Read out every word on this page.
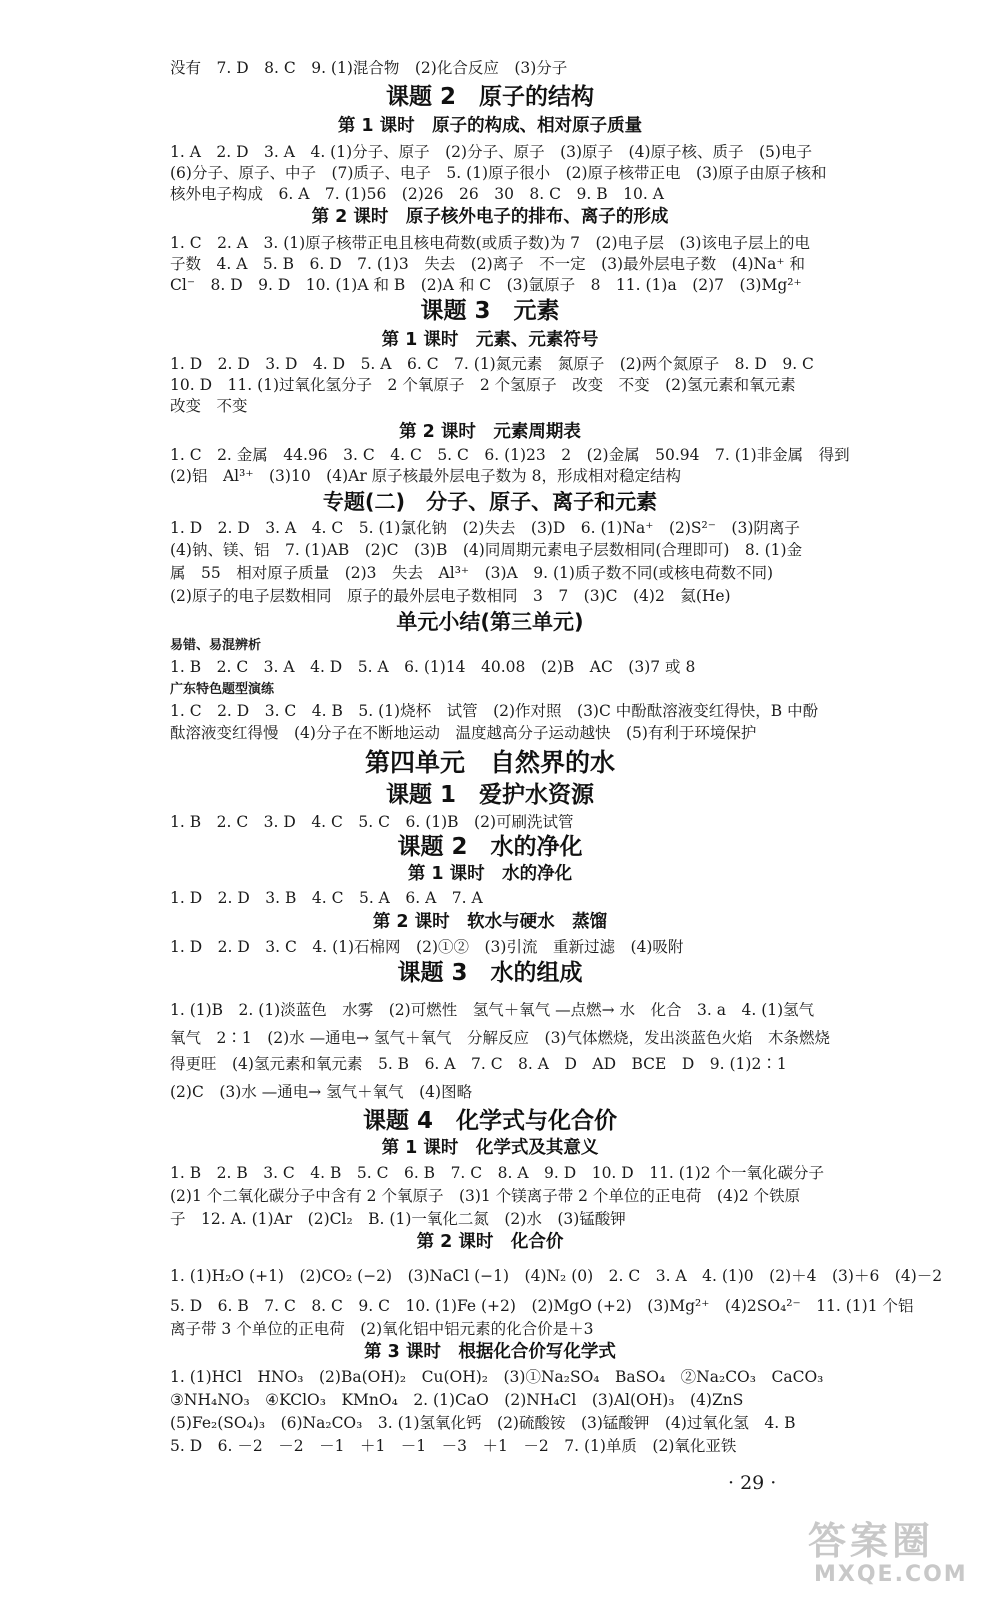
没有　7. D　8. C　9. (1)混合物　(2)化合反应　(3)分子
课题 2　原子的结构
第 1 课时　原子的构成、相对原子质量
1. A　2. D　3. A　4. (1)分子、原子　(2)分子、原子　(3)原子　(4)原子核、质子　(5)电子
(6)分子、原子、中子　(7)质子、电子　5. (1)原子很小　(2)原子核带正电　(3)原子由原子核和
核外电子构成　6. A　7. (1)56　(2)26　26　30　8. C　9. B　10. A
第 2 课时　原子核外电子的排布、离子的形成
1. C　2. A　3. (1)原子核带正电且核电荷数(或质子数)为 7　(2)电子层　(3)该电子层上的电
子数　4. A　5. B　6. D　7. (1)3　失去　(2)离子　不一定　(3)最外层电子数　(4)Na⁺ 和
Cl⁻　8. D　9. D　10. (1)A 和 B　(2)A 和 C　(3)氩原子　8　11. (1)a　(2)7　(3)Mg²⁺
课题 3　元素
第 1 课时　元素、元素符号
1. D　2. D　3. D　4. D　5. A　6. C　7. (1)氮元素　氮原子　(2)两个氮原子　8. D　9. C
10. D　11. (1)过氧化氢分子　2 个氧原子　2 个氢原子　改变　不变　(2)氢元素和氧元素
改变　不变
第 2 课时　元素周期表
1. C　2. 金属　44.96　3. C　4. C　5. C　6. (1)23　2　(2)金属　50.94　7. (1)非金属　得到
(2)铝　Al³⁺　(3)10　(4)Ar 原子核最外层电子数为 8，形成相对稳定结构
专题(二)　分子、原子、离子和元素
1. D　2. D　3. A　4. C　5. (1)氯化钠　(2)失去　(3)D　6. (1)Na⁺　(2)S²⁻　(3)阴离子
(4)钠、镁、铝　7. (1)AB　(2)C　(3)B　(4)同周期元素电子层数相同(合理即可)　8. (1)金
属　55　相对原子质量　(2)3　失去　Al³⁺　(3)A　9. (1)质子数不同(或核电荷数不同)
(2)原子的电子层数相同　原子的最外层电子数相同　3　7　(3)C　(4)2　氦(He)
单元小结(第三单元)
易错、易混辨析
1. B　2. C　3. A　4. D　5. A　6. (1)14　40.08　(2)B　AC　(3)7 或 8
广东特色题型演练
1. C　2. D　3. C　4. B　5. (1)烧杯　试管　(2)作对照　(3)C 中酚酞溶液变红得快，B 中酚
酞溶液变红得慢　(4)分子在不断地运动　温度越高分子运动越快　(5)有利于环境保护
第四单元　自然界的水
课题 1　爱护水资源
1. B　2. C　3. D　4. C　5. C　6. (1)B　(2)可刷洗试管
课题 2　水的净化
第 1 课时　水的净化
1. D　2. D　3. B　4. C　5. A　6. A　7. A
第 2 课时　软水与硬水　蒸馏
1. D　2. D　3. C　4. (1)石棉网　(2)①②　(3)引流　重新过滤　(4)吸附
课题 3　水的组成
1. (1)B　2. (1)淡蓝色　水雾　(2)可燃性　氢气＋氧气 —点燃→ 水　化合　3. a　4. (1)氢气
氧气　2∶1　(2)水 —通电→ 氢气＋氧气　分解反应　(3)气体燃烧，发出淡蓝色火焰　木条燃烧
得更旺　(4)氢元素和氧元素　5. B　6. A　7. C　8. A　D　AD　BCE　D　9. (1)2∶1
(2)C　(3)水 —通电→ 氢气＋氧气　(4)图略
课题 4　化学式与化合价
第 1 课时　化学式及其意义
1. B　2. B　3. C　4. B　5. C　6. B　7. C　8. A　9. D　10. D　11. (1)2 个一氧化碳分子
(2)1 个二氧化碳分子中含有 2 个氧原子　(3)1 个镁离子带 2 个单位的正电荷　(4)2 个铁原
子　12. A. (1)Ar　(2)Cl₂　B. (1)一氧化二氮　(2)水　(3)锰酸钾
第 2 课时　化合价
1. (1)H₂O (+1)　(2)CO₂ (−2)　(3)NaCl (−1)　(4)N₂ (0)　2. C　3. A　4. (1)0　(2)＋4　(3)＋6　(4)－2
5. D　6. B　7. C　8. C　9. C　10. (1)Fe (+2)　(2)MgO (+2)　(3)Mg²⁺　(4)2SO₄²⁻　11. (1)1 个铝
离子带 3 个单位的正电荷　(2)氧化铝中铝元素的化合价是＋3
第 3 课时　根据化合价写化学式
1. (1)HCl　HNO₃　(2)Ba(OH)₂　Cu(OH)₂　(3)①Na₂SO₄　BaSO₄　②Na₂CO₃　CaCO₃
③NH₄NO₃　④KClO₃　KMnO₄　2. (1)CaO　(2)NH₄Cl　(3)Al(OH)₃　(4)ZnS
(5)Fe₂(SO₄)₃　(6)Na₂CO₃　3. (1)氢氧化钙　(2)硫酸铵　(3)锰酸钾　(4)过氧化氢　4. B
5. D　6. －2　－2　－1　＋1　－1　－3　＋1　－2　7. (1)单质　(2)氧化亚铁
· 29 ·
答案圈
MXQE.COM
